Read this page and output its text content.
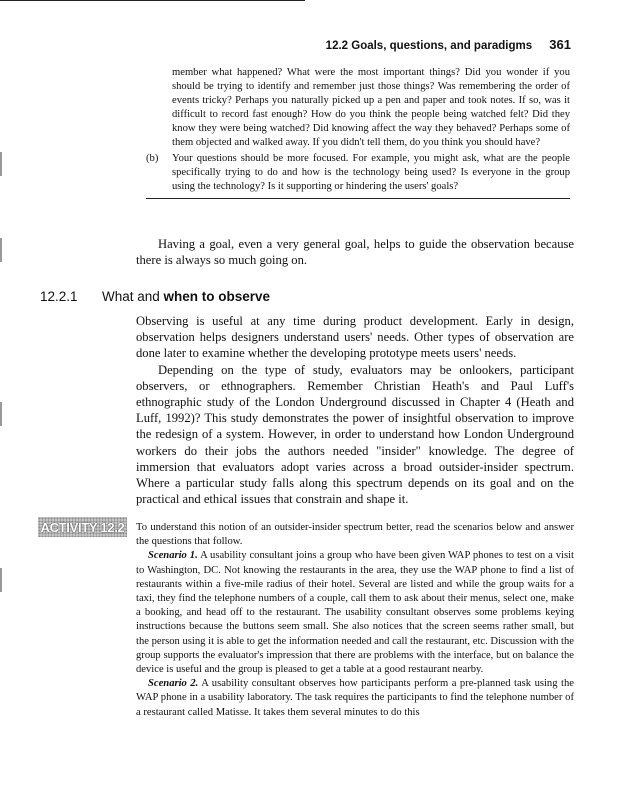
12.2 Goals, questions, and paradigms 361

member what happened? What were the most important things? Did you wonder if you should be trying to identify and remember just those things? Was remembering the order of events tricky? Perhaps you naturally picked up a pen and paper and took notes. If so, was it difficult to record fast enough? How do you think the people being watched felt? Did they know they were being watched? Did knowing affect the way they behaved? Perhaps some of them objected and walked away. If you didn't tell them, do you think you should have?

(b)	Your questions should be more focused. For example, you might ask, what are the people specifically trying to do and how is the technology being used? Is everyone in the group using the technology? Is it supporting or hindering the users' goals?

Having a goal, even a very general goal, helps to guide the observation because there is always so much going on.

12.2.1 What and when to observe

Observing is useful at any time during product development. Early in design, observation helps designers understand users' needs. Other types of observation are done later to examine whether the developing prototype meets users' needs.

Depending on the type of study, evaluators may be onlookers, participant observers, or ethnographers. Remember Christian Heath's and Paul Luff's ethnographic study of the London Underground discussed in Chapter 4 (Heath and Luff, 1992)? This study demonstrates the power of insightful observation to improve the redesign of a system. However, in order to understand how London Underground workers do their jobs the authors needed "insider" knowledge. The degree of immersion that evaluators adopt varies across a broad outsider-insider spectrum. Where a particular study falls along this spectrum depends on its goal and on the practical and ethical issues that constrain and shape it.

ACTIVITY 12.2 To understand this notion of an outsider-insider spectrum better, read the scenarios below and answer the questions that follow.

Scenario 1. A usability consultant joins a group who have been given WAP phones to test on a visit to Washington, DC. Not knowing the restaurants in the area, they use the WAP phone to find a list of restaurants within a five-mile radius of their hotel. Several are listed and while the group waits for a taxi, they find the telephone numbers of a couple, call them to ask about their menus, select one, make a booking, and head off to the restaurant. The usability consultant observes some problems keying instructions because the buttons seem small. She also notices that the screen seems rather small, but the person using it is able to get the information needed and call the restaurant, etc. Discussion with the group supports the evaluator's impression that there are problems with the interface, but on balance the device is useful and the group is pleased to get a table at a good restaurant nearby.

Scenario 2. A usability consultant observes how participants perform a pre-planned task using the WAP phone in a usability laboratory. The task requires the participants to find the telephone number of a restaurant called Matisse. It takes them several minutes to do this
